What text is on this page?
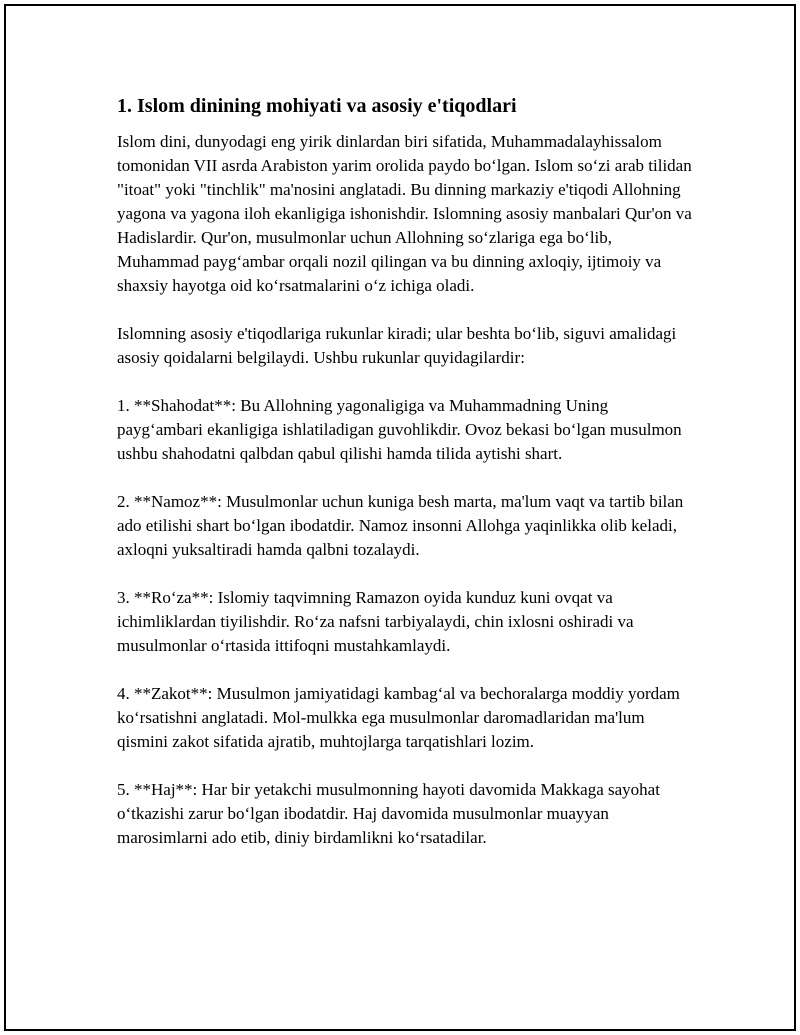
1. Islom dinining mohiyati va asosiy e'tiqodlari

Islom dini, dunyodagi eng yirik dinlardan biri sifatida, Muhammadalayhissalom tomonidan VII asrda Arabiston yarim orolida paydo boʻlgan. Islom soʻzi arab tilidan "itoat" yoki "tinchlik" ma'nosini anglatadi. Bu dinning markaziy e'tiqodi Allohning yagona va yagona iloh ekanligiga ishonishdir. Islomning asosiy manbalari Qur'on va Hadislardir. Qur'on, musulmonlar uchun Allohning soʻzlariga ega boʻlib, Muhammad paygʻambar orqali nozil qilingan va bu dinning axloqiy, ijtimoiy va shaxsiy hayotga oid koʻrsatmalarini oʻz ichiga oladi.

Islomning asosiy e'tiqodlariga rukunlar kiradi; ular beshta boʻlib, siguvi amalidagi asosiy qoidalarni belgilaydi. Ushbu rukunlar quyidagilardir:

1. **Shahodat**: Bu Allohning yagonaligiga va Muhammadning Uning paygʻambari ekanligiga ishlatiladigan guvohlikdir. Ovoz bekasi boʻlgan musulmon ushbu shahodatni qalbdan qabul qilishi hamda tilida aytishi shart.

2. **Namoz**: Musulmonlar uchun kuniga besh marta, ma'lum vaqt va tartib bilan ado etilishi shart boʻlgan ibodatdir. Namoz insonni Allohga yaqinlikka olib keladi, axloqni yuksaltiradi hamda qalbni tozalaydi.

3. **Roʻza**: Islomiy taqvimning Ramazon oyida kunduz kuni ovqat va ichimliklardan tiyilishdir. Roʻza nafsni tarbiyalaydi, chin ixlosni oshiradi va musulmonlar oʻrtasida ittifoqni mustahkamlaydi.

4. **Zakot**: Musulmon jamiyatidagi kambagʻal va bechoralarga moddiy yordam koʻrsatishni anglatadi. Mol-mulkka ega musulmonlar daromadlaridan ma'lum qismini zakot sifatida ajratib, muhtojlarga tarqatishlari lozim.

5. **Haj**: Har bir yetakchi musulmonning hayoti davomida Makkaga sayohat oʻtkazishi zarur boʻlgan ibodatdir. Haj davomida musulmonlar muayyan marosimlarni ado etib, diniy birdamlikni koʻrsatadilar.
